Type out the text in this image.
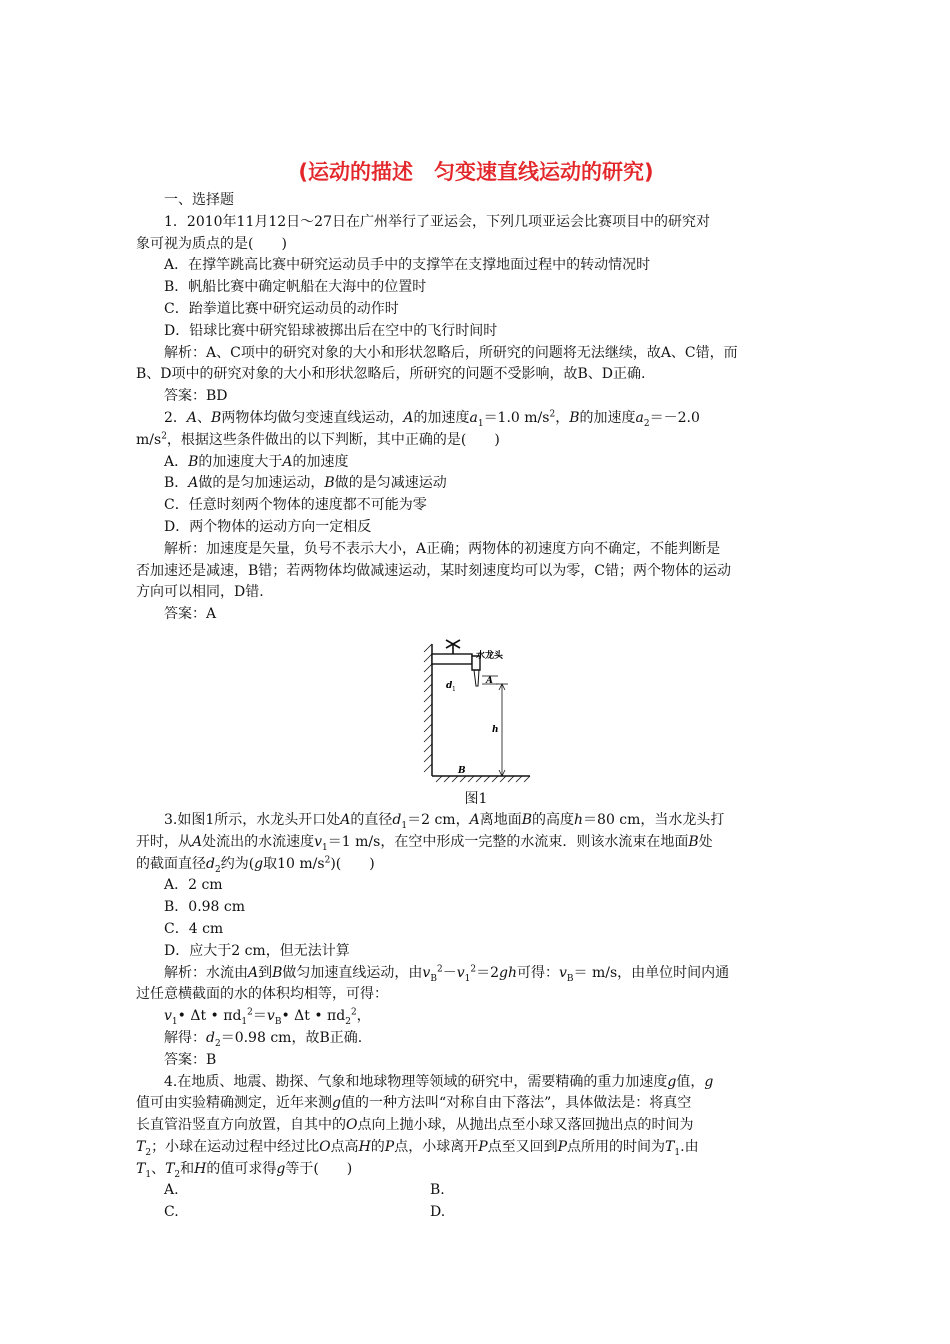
(运动的描述　匀变速直线运动的研究)

一、选择题

1．2010年11月12日～27日在广州举行了亚运会，下列几项亚运会比赛项目中的研究对

象可视为质点的是(　　)

A．在撑竿跳高比赛中研究运动员手中的支撑竿在支撑地面过程中的转动情况时

B．帆船比赛中确定帆船在大海中的位置时

C．跆拳道比赛中研究运动员的动作时

D．铅球比赛中研究铅球被掷出后在空中的飞行时间时

解析：A、C项中的研究对象的大小和形状忽略后，所研究的问题将无法继续，故A、C错，而

B、D项中的研究对象的大小和形状忽略后，所研究的问题不受影响，故B、D正确.

答案：BD

2．A、B两物体均做匀变速直线运动，A的加速度$a_1=1.0$ $m/s^2$，B的加速度$a_2=-2.0$

$m/s^2$，根据这些条件做出的以下判断，其中正确的是(　　)

A．B的加速度大于A的加速度

B．A做的是匀加速运动，B做的是匀减速运动

C．任意时刻两个物体的速度都不可能为零

D．两个物体的运动方向一定相反

解析：加速度是矢量，负号不表示大小，A正确；两物体的初速度方向不确定，不能判断是

否加速还是减速，B错；若两物体均做减速运动，某时刻速度均可以为零，C错；两个物体的运动

方向可以相同，D错.

答案：A

水龙头
d 1
A
h
B

图1

3.如图1所示，水龙头开口处A的直径$d_1=2$ cm，A离地面B的高度h＝80 cm，当水龙头打

开时，从A处流出的水流速度$v_1=1$ m/s，在空中形成一完整的水流束．则该水流束在地面B处

的截面直径$d_2$约为(g取10 $m/s^2$)(　　)

A．2 cm

B．0.98 cm

C．4 cm

D．应大于2 cm，但无法计算

解析：水流由A到B做匀加速直线运动，由$v_B^2-v_1^2=2gh$可得：$v_B= m/s$，由单位时间内通

过任意横截面的水的体积均相等，可得：

$v_1•$ Δt • $\pi d_1^2=v_B•$ Δt • $\pi d_2^2$，

解得：$d_2=0.98$ cm，故B正确.

答案：B

4.在地质、地震、勘探、气象和地球物理等领域的研究中，需要精确的重力加速度g值，g

值可由实验精确测定，近年来测g值的一种方法叫“对称自由下落法”，具体做法是：将真空

长直管沿竖直方向放置，自其中的O点向上抛小球，从抛出点至小球又落回抛出点的时间为

$T_2$；小球在运动过程中经过比O点高H的P点，小球离开P点至又回到P点所用的时间为$T_1$.由

$T_1$、$T_2$和H的值可求得g等于(　　)

A.	B.

C.	D.
